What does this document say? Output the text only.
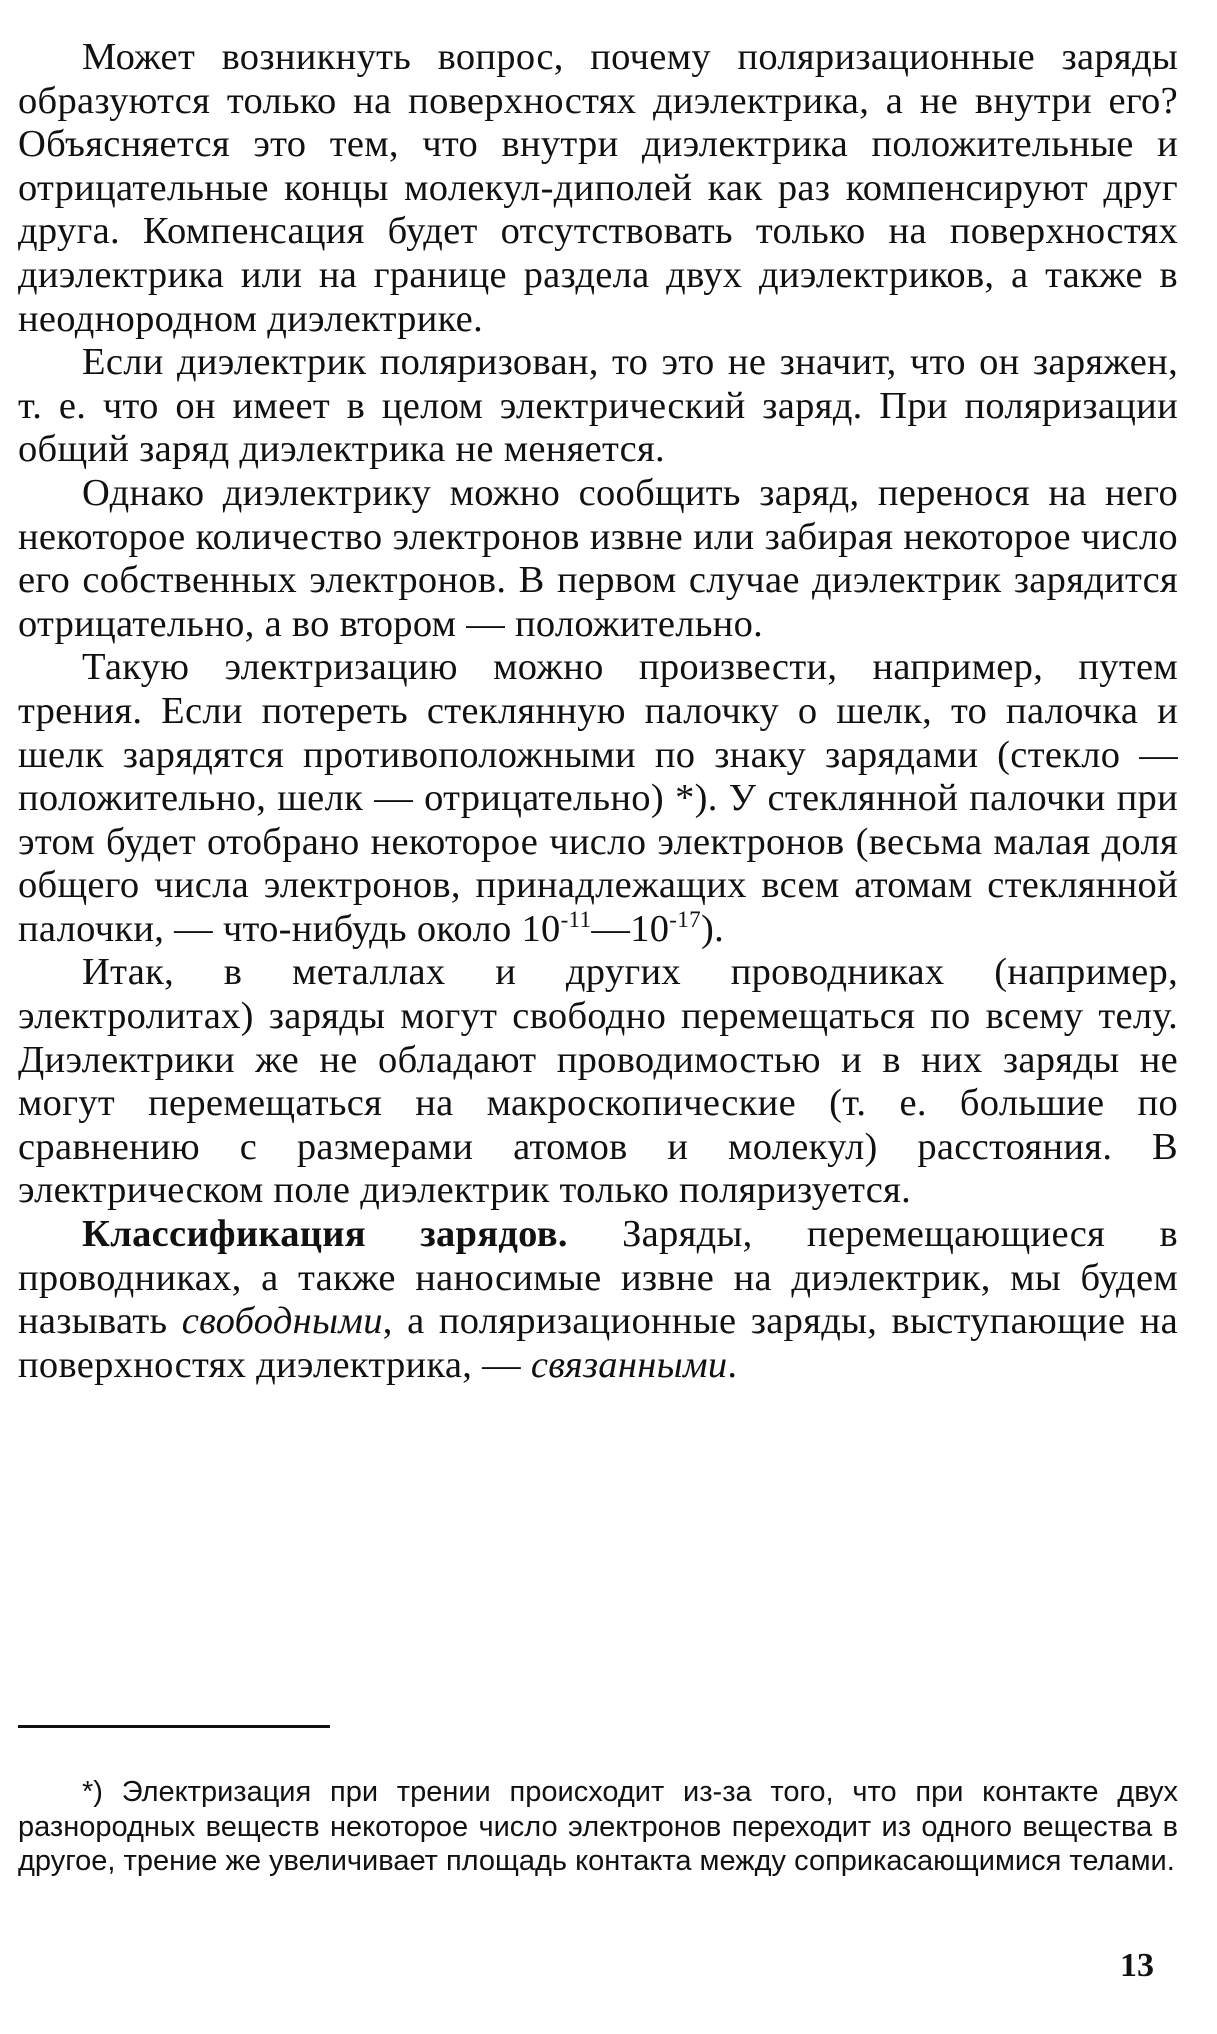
Может возникнуть вопрос, почему поляризационные заряды образуются только на поверхностях диэлектрика, а не внутри его? Объясняется это тем, что внутри диэлектрика положительные и отрицательные концы молекул-диполей как раз компенсируют друг друга. Компенсация будет отсутствовать только на поверхностях диэлектрика или на границе раздела двух диэлектриков, а также в неоднородном диэлектрике.

Если диэлектрик поляризован, то это не значит, что он заряжен, т. е. что он имеет в целом электрический заряд. При поляризации общий заряд диэлектрика не меняется.

Однако диэлектрику можно сообщить заряд, перенося на него некоторое количество электронов извне или забирая некоторое число его собственных электронов. В первом случае диэлектрик зарядится отрицательно, а во втором — положительно.

Такую электризацию можно произвести, например, путем трения. Если потереть стеклянную палочку о шелк, то палочка и шелк зарядятся противоположными по знаку зарядами (стекло — положительно, шелк — отрицательно) *). У стеклянной палочки при этом будет отобрано некоторое число электронов (весьма малая доля общего числа электронов, принадлежащих всем атомам стеклянной палочки, — что-нибудь около $10^{-11}—10^{-17}$).

Итак, в металлах и других проводниках (например, электролитах) заряды могут свободно перемещаться по всему телу. Диэлектрики же не обладают проводимостью и в них заряды не могут перемещаться на макроскопические (т. е. большие по сравнению с размерами атомов и молекул) расстояния. В электрическом поле диэлектрик только поляризуется.

Классификация зарядов. Заряды, перемещающиеся в проводниках, а также наносимые извне на диэлектрик, мы будем называть свободными, а поляризационные заряды, выступающие на поверхностях диэлектрика, — связанными.

*) Электризация при трении происходит из-за того, что при контакте двух разнородных веществ некоторое число электронов переходит из одного вещества в другое, трение же увеличивает площадь контакта между соприкасающимися телами.

13
